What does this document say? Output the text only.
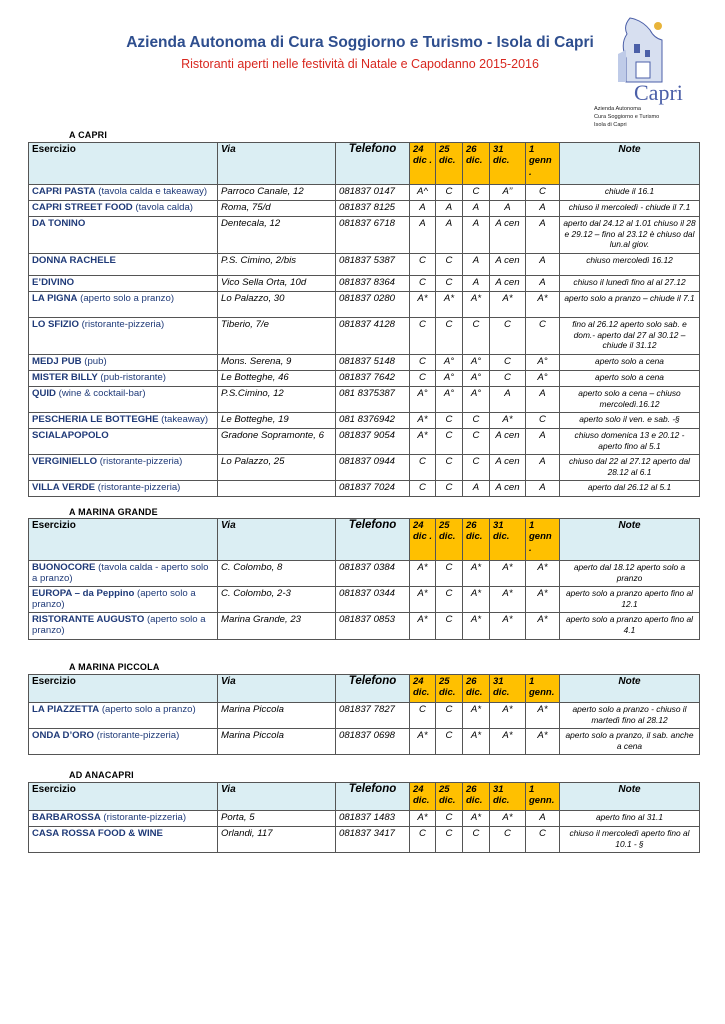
Azienda Autonoma di Cura Soggiorno e Turismo - Isola di Capri
Ristoranti aperti nelle festività di Natale e Capodanno 2015-2016
Capri
Azienda Autonoma
Cura Soggiorno e Turismo
Isola di Capri
A CAPRI
A MARINA GRANDE
A MARINA PICCOLA
AD ANACAPRI
Esercizio	Via	Telefono	24 dic .	25 dic.	26 dic.	31 dic.	1 genn .	Note
CAPRI PASTA (tavola calda e takeaway)	Parroco Canale, 12	081837 0147	A^	C	C	A’’	C	chiude il 16.1
CAPRI STREET FOOD (tavola calda)	Roma, 75/d	081837 8125	A	A	A	A	A	chiuso il mercoledì - chiude il 7.1
DA TONINO	Dentecala, 12	081837 6718	A	A	A	A cen	A	aperto dal 24.12 al 1.01 chiuso il 28 e 29.12 – fino al 23.12 è chiuso dal lun.al giov.
DONNA RACHELE	P.S. Cimino, 2/bis	081837 5387	C	C	A	A cen	A	chiuso mercoledì 16.12
E’DIVINO	Vico Sella Orta, 10d	081837 8364	C	C	A	A cen	A	chiuso il lunedì fino al al 27.12
LA PIGNA (aperto solo a pranzo)	Lo Palazzo, 30	081837 0280	A*	A*	A*	A*	A*	aperto solo a pranzo – chiude il 7.1
LO SFIZIO (ristorante-pizzeria)	Tiberio, 7/e	081837 4128	C	C	C	C	C	fino al 26.12 aperto solo sab. e dom.- aperto dal 27 al 30.12 – chiude il 31.12
MEDJ PUB (pub)	Mons. Serena, 9	081837 5148	C	A°	A°	C	A°	aperto solo a cena
MISTER BILLY (pub-ristorante)	Le Botteghe, 46	081837 7642	C	A°	A°	C	A°	aperto solo a cena
QUID (wine & cocktail-bar)	P.S.Cimino, 12	081 8375387	A°	A°	A°	A	A	aperto solo a cena – chiuso mercoledì.16.12
PESCHERIA LE BOTTEGHE (takeaway)	Le Botteghe, 19	081 8376942	A*	C	C	A*	C	aperto solo il ven. e sab. -§
SCIALAPOPOLO	Gradone Sopramonte, 6	081837 9054	A*	C	C	A cen	A	chiuso domenica 13 e 20.12 - aperto fino al 5.1
VERGINIELLO (ristorante-pizzeria)	Lo Palazzo, 25	081837 0944	C	C	C	A cen	A	chiuso dal 22 al 27.12 aperto dal 28.12 al 6.1
VILLA VERDE (ristorante-pizzeria)		081837 7024	C	C	A	A cen	A	aperto dal 26.12 al 5.1
Esercizio	Via	Telefono	24 dic .	25 dic.	26 dic.	31 dic.	1 genn .	Note
BUONOCORE (tavola calda - aperto solo a pranzo)	C. Colombo, 8	081837 0384	A*	C	A*	A*	A*	aperto dal 18.12 aperto solo a pranzo
EUROPA – da Peppino (aperto solo a pranzo)	C. Colombo, 2-3	081837 0344	A*	C	A*	A*	A*	aperto solo a pranzo aperto fino al 12.1
RISTORANTE AUGUSTO (aperto solo a pranzo)	Marina Grande, 23	081837 0853	A*	C	A*	A*	A*	aperto solo a pranzo aperto fino al 4.1
Esercizio	Via	Telefono	24 dic.	25 dic.	26 dic.	31 dic.	1 genn.	Note
LA PIAZZETTA (aperto solo a pranzo)	Marina Piccola	081837 7827	C	C	A*	A*	A*	aperto solo a pranzo - chiuso il martedì fino al 28.12
ONDA D’ORO (ristorante-pizzeria)	Marina Piccola	081837 0698	A*	C	A*	A*	A*	aperto solo a pranzo, il sab. anche a cena
Esercizio	Via	Telefono	24 dic.	25 dic.	26 dic.	31 dic.	1 genn.	Note
BARBAROSSA (ristorante-pizzeria)	Porta, 5	081837 1483	A*	C	A*	A*	A	aperto fino al 31.1
CASA ROSSA FOOD & WINE	Orlandi, 117	081837 3417	C	C	C	C	C	chiuso il mercoledì aperto fino al 10.1 - §
